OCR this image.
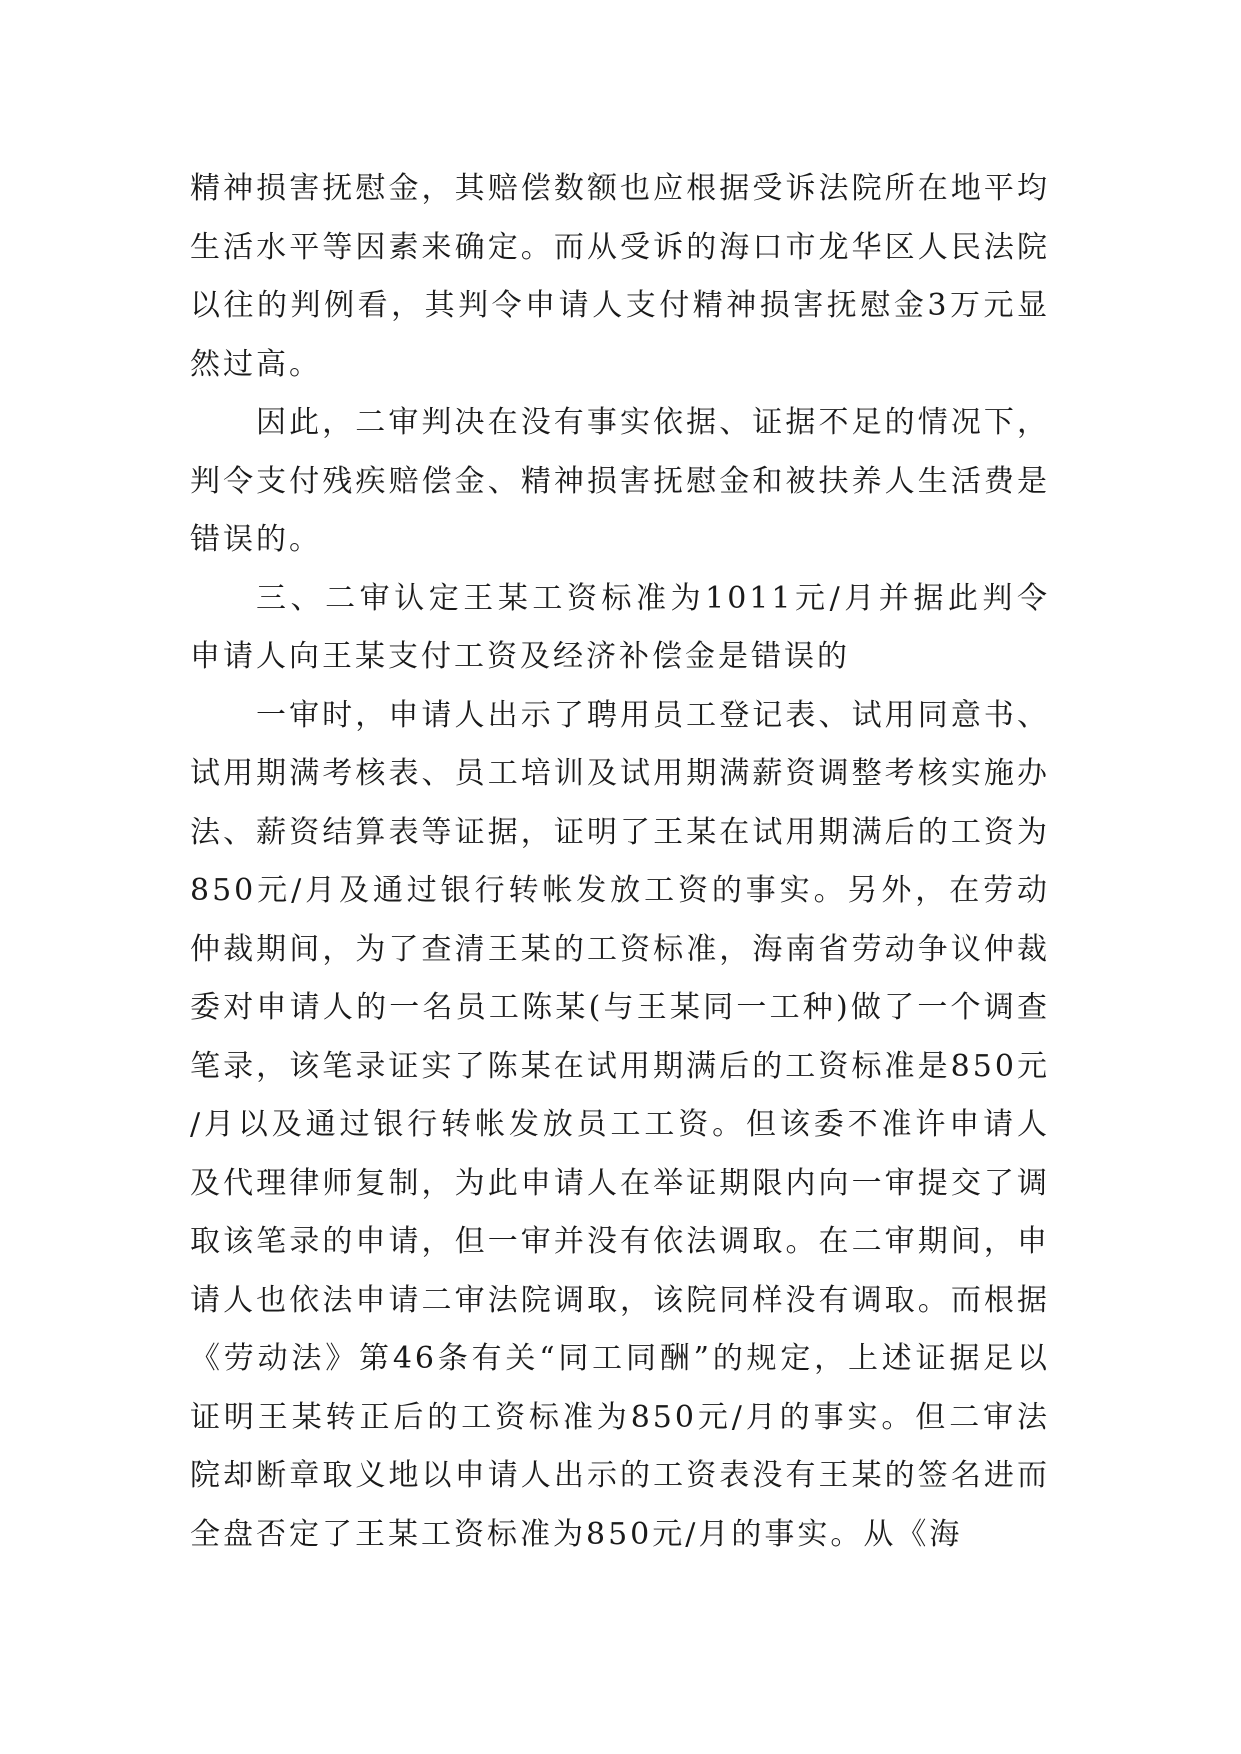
精神损害抚慰金，其赔偿数额也应根据受诉法院所在地平均生活水平等因素来确定。而从受诉的海口市龙华区人民法院以往的判例看，其判令申请人支付精神损害抚慰金3万元显然过高。

因此，二审判决在没有事实依据、证据不足的情况下，判令支付残疾赔偿金、精神损害抚慰金和被扶养人生活费是错误的。

三、二审认定王某工资标准为1011元/月并据此判令申请人向王某支付工资及经济补偿金是错误的

一审时，申请人出示了聘用员工登记表、试用同意书、试用期满考核表、员工培训及试用期满薪资调整考核实施办法、薪资结算表等证据，证明了王某在试用期满后的工资为850元/月及通过银行转帐发放工资的事实。另外，在劳动仲裁期间，为了查清王某的工资标准，海南省劳动争议仲裁委对申请人的一名员工陈某(与王某同一工种)做了一个调查笔录，该笔录证实了陈某在试用期满后的工资标准是850元/月以及通过银行转帐发放员工工资。但该委不准许申请人及代理律师复制，为此申请人在举证期限内向一审提交了调取该笔录的申请，但一审并没有依法调取。在二审期间，申请人也依法申请二审法院调取，该院同样没有调取。而根据《劳动法》第46条有关“同工同酬”的规定，上述证据足以证明王某转正后的工资标准为850元/月的事实。但二审法院却断章取义地以申请人出示的工资表没有王某的签名进而全盘否定了王某工资标准为850元/月的事实。从《海
